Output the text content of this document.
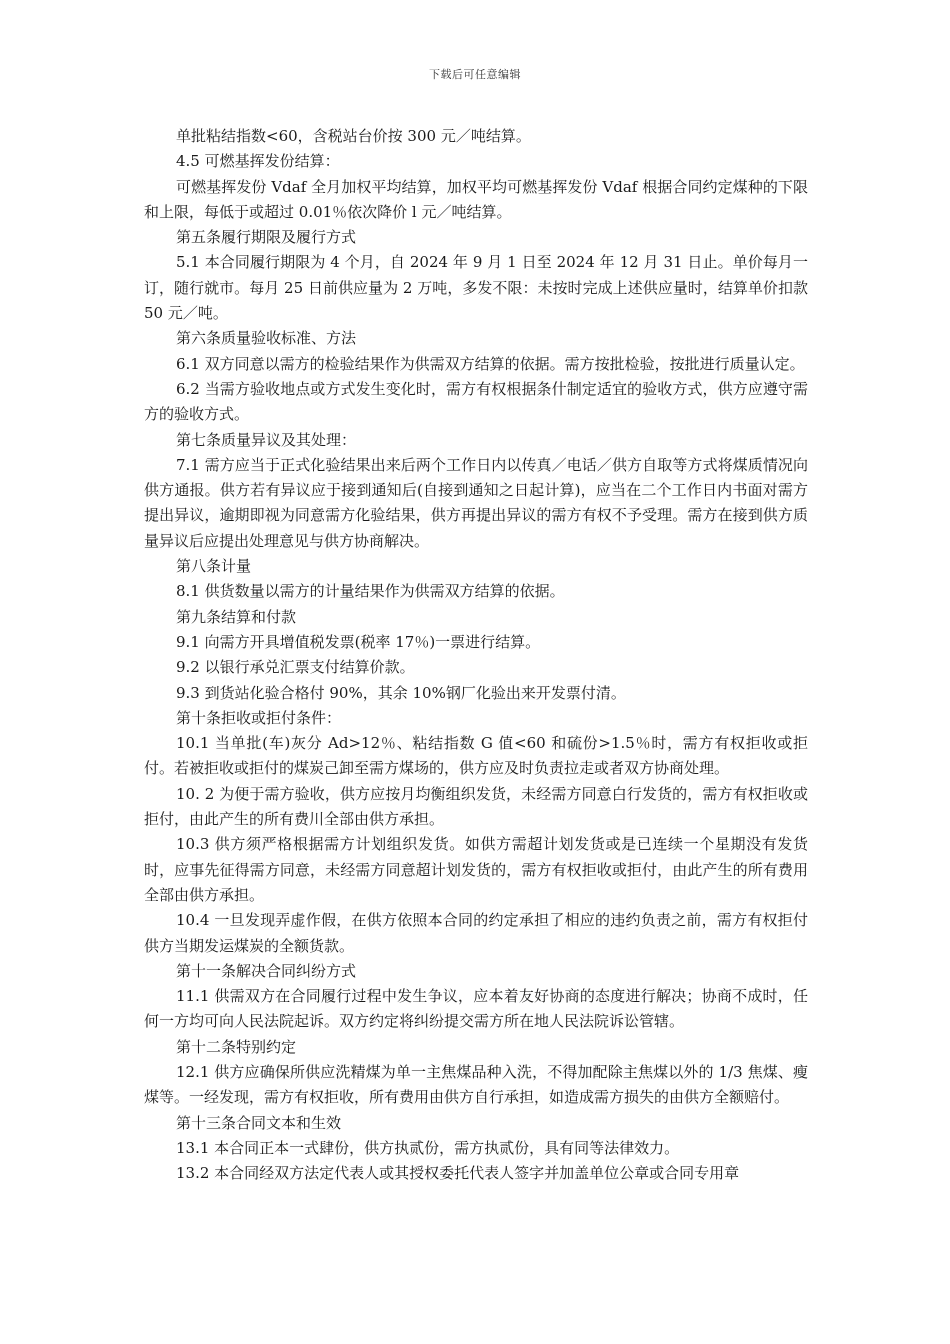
下载后可任意编辑

单批粘结指数<60，含税站台价按 300 元／吨结算。

4.5 可燃基挥发份结算：

可燃基挥发份 Vdaf 全月加权平均结算，加权平均可燃基挥发份 Vdaf 根据合同约定煤种的下限和上限，每低于或超过 0.01％依次降价 l 元／吨结算。

第五条履行期限及履行方式

5.1 本合同履行期限为 4 个月，自 2024 年 9 月 1 日至 2024 年 12 月 31 日止。单价每月一订，随行就市。每月 25 日前供应量为 2 万吨，多发不限：未按时完成上述供应量时，结算单价扣款 50 元／吨。

第六条质量验收标准、方法

6.1 双方同意以需方的检验结果作为供需双方结算的依据。需方按批检验，按批进行质量认定。

6.2 当需方验收地点或方式发生变化时，需方有权根据条什制定适宜的验收方式，供方应遵守需方的验收方式。

第七条质量异议及其处理：

7.1 需方应当于正式化验结果出来后两个工作日内以传真／电话／供方自取等方式将煤质情况向供方通报。供方若有异议应于接到通知后(自接到通知之日起计算)，应当在二个工作日内书面对需方提出异议，逾期即视为同意需方化验结果，供方再提出异议的需方有权不予受理。需方在接到供方质量异议后应提出处理意见与供方协商解决。

第八条计量

8.1 供货数量以需方的计量结果作为供需双方结算的依据。

第九条结算和付款

9.1 向需方开具增值税发票(税率 17％)一票进行结算。

9.2 以银行承兑汇票支付结算价款。

9.3 到货站化验合格付 90%，其余 10%钢厂化验出来开发票付清。

第十条拒收或拒付条件：

10.1 当单批(车)灰分 Ad>12％、粘结指数 G 值<60 和硫份>1.5％时，需方有权拒收或拒付。若被拒收或拒付的煤炭己卸至需方煤场的，供方应及时负责拉走或者双方协商处理。

10. 2 为便于需方验收，供方应按月均衡组织发货，未经需方同意白行发货的，需方有权拒收或拒付，由此产生的所有费川全部由供方承担。

10.3 供方须严格根据需方计划组织发货。如供方需超计划发货或是已连续一个星期没有发货时，应事先征得需方同意，未经需方同意超计划发货的，需方有权拒收或拒付，由此产生的所有费用全部由供方承担。

10.4 一旦发现弄虚作假，在供方依照本合同的约定承担了相应的违约负责之前，需方有权拒付供方当期发运煤炭的全额货款。

第十一条解决合同纠纷方式

11.1 供需双方在合同履行过程中发生争议，应本着友好协商的态度进行解决；协商不成时，任何一方均可向人民法院起诉。双方约定将纠纷提交需方所在地人民法院诉讼管辖。

第十二条特别约定

12.1 供方应确保所供应洗精煤为单一主焦煤品种入洗，不得加配除主焦煤以外的 1/3 焦煤、瘦煤等。一经发现，需方有权拒收，所有费用由供方自行承担，如造成需方损失的由供方全额赔付。

第十三条合同文本和生效

13.1 本合同正本一式肆份，供方执贰份，需方执贰份，具有同等法律效力。

13.2 本合同经双方法定代表人或其授权委托代表人签字并加盖单位公章或合同专用章
